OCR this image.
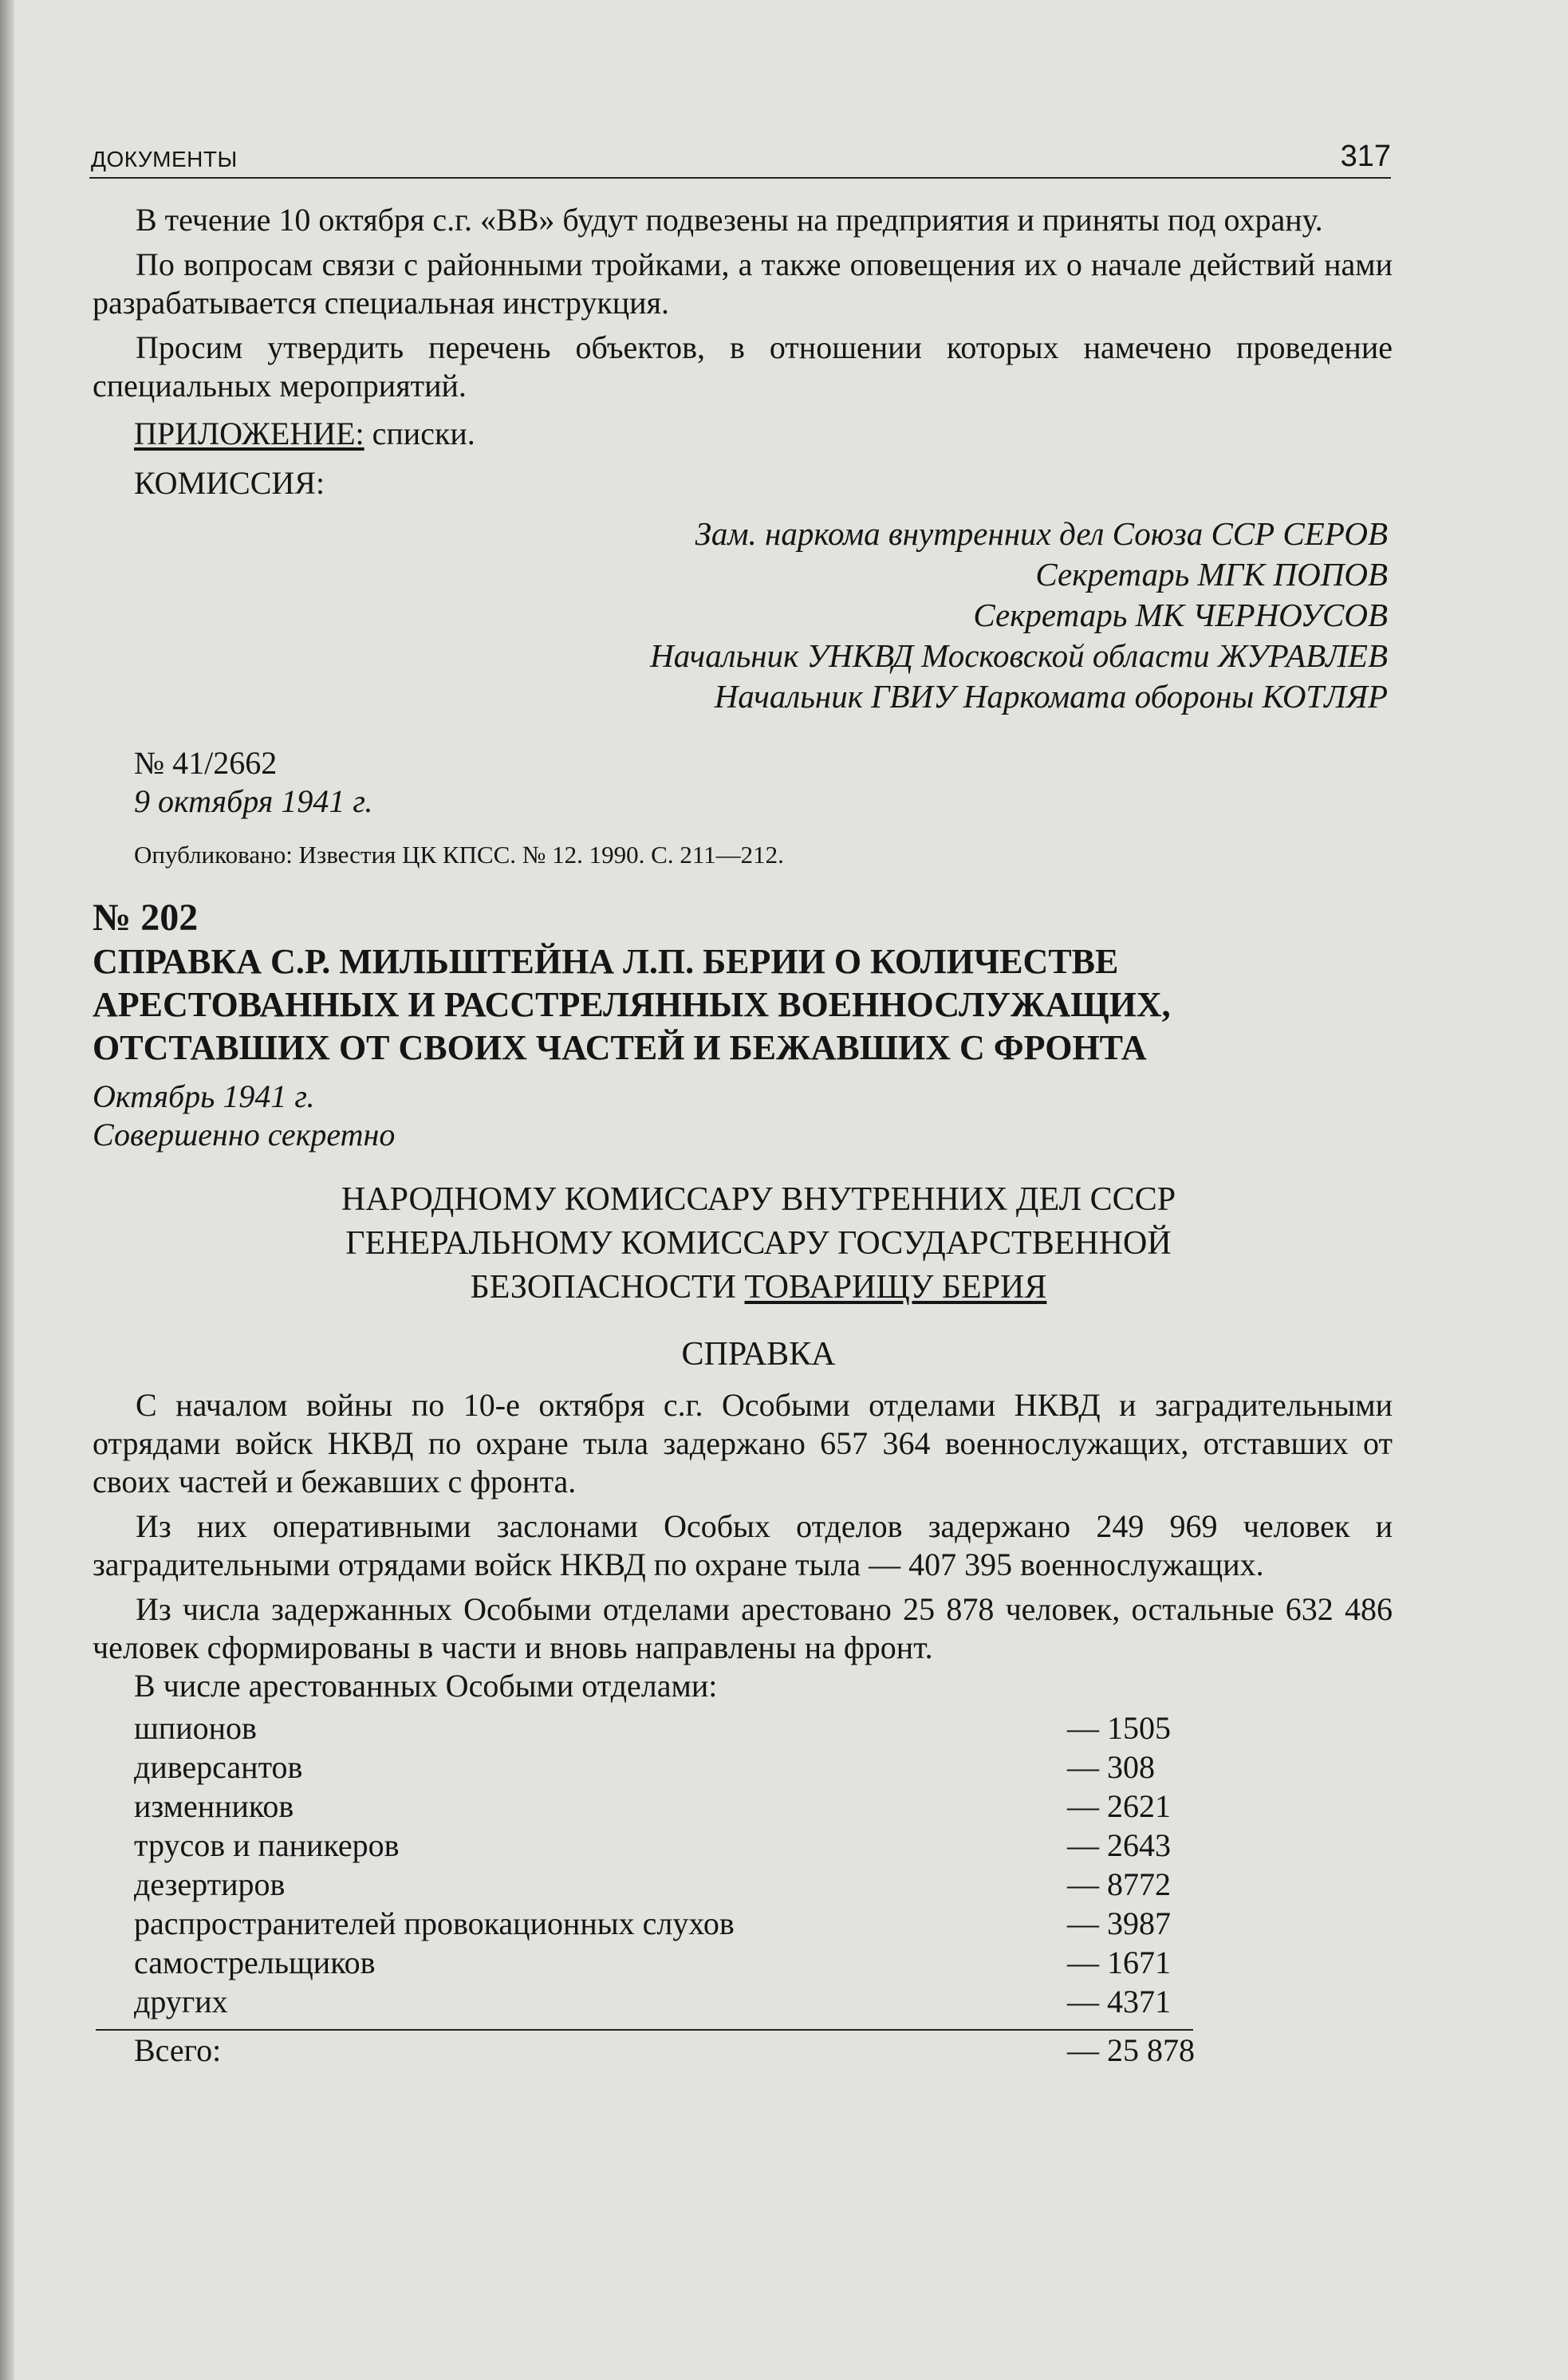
ДОКУМЕНТЫ	317

В течение 10 октября с.г. «ВВ» будут подвезены на предприятия и приняты под охрану.

По вопросам связи с районными тройками, а также оповещения их о начале действий нами разрабатывается специальная инструкция.

Просим утвердить перечень объектов, в отношении которых намечено проведение специальных мероприятий.

ПРИЛОЖЕНИЕ: списки.
КОМИССИЯ:
Зам. наркома внутренних дел Союза ССР СЕРОВ
Секретарь МГК ПОПОВ
Секретарь МК ЧЕРНОУСОВ
Начальник УНКВД Московской области ЖУРАВЛЕВ
Начальник ГВИУ Наркомата обороны КОТЛЯР
№ 41/2662
9 октября 1941 г.
Опубликовано: Известия ЦК КПСС. № 12. 1990. С. 211—212.
№ 202
СПРАВКА С.Р. МИЛЬШТЕЙНА Л.П. БЕРИИ О КОЛИЧЕСТВЕ АРЕСТОВАННЫХ И РАССТРЕЛЯННЫХ ВОЕННОСЛУЖАЩИХ, ОТСТАВШИХ ОТ СВОИХ ЧАСТЕЙ И БЕЖАВШИХ С ФРОНТА
Октябрь 1941 г.
Совершенно секретно
НАРОДНОМУ КОМИССАРУ ВНУТРЕННИХ ДЕЛ СССР
ГЕНЕРАЛЬНОМУ КОМИССАРУ ГОСУДАРСТВЕННОЙ
БЕЗОПАСНОСТИ ТОВАРИЩУ БЕРИЯ
СПРАВКА

С началом войны по 10-е октября с.г. Особыми отделами НКВД и заградительными отрядами войск НКВД по охране тыла задержано 657 364 военнослужащих, отставших от своих частей и бежавших с фронта.

Из них оперативными заслонами Особых отделов задержано 249 969 человек и заградительными отрядами войск НКВД по охране тыла — 407 395 военнослужащих.

Из числа задержанных Особыми отделами арестовано 25 878 человек, остальные 632 486 человек сформированы в части и вновь направлены на фронт.

В числе арестованных Особыми отделами:

шпионов	— 1505
диверсантов	— 308
изменников	— 2621
трусов и паникеров	— 2643
дезертиров	— 8772
распространителей провокационных слухов	— 3987
самострельщиков	— 1671
других	— 4371
Всего:	— 25 878
